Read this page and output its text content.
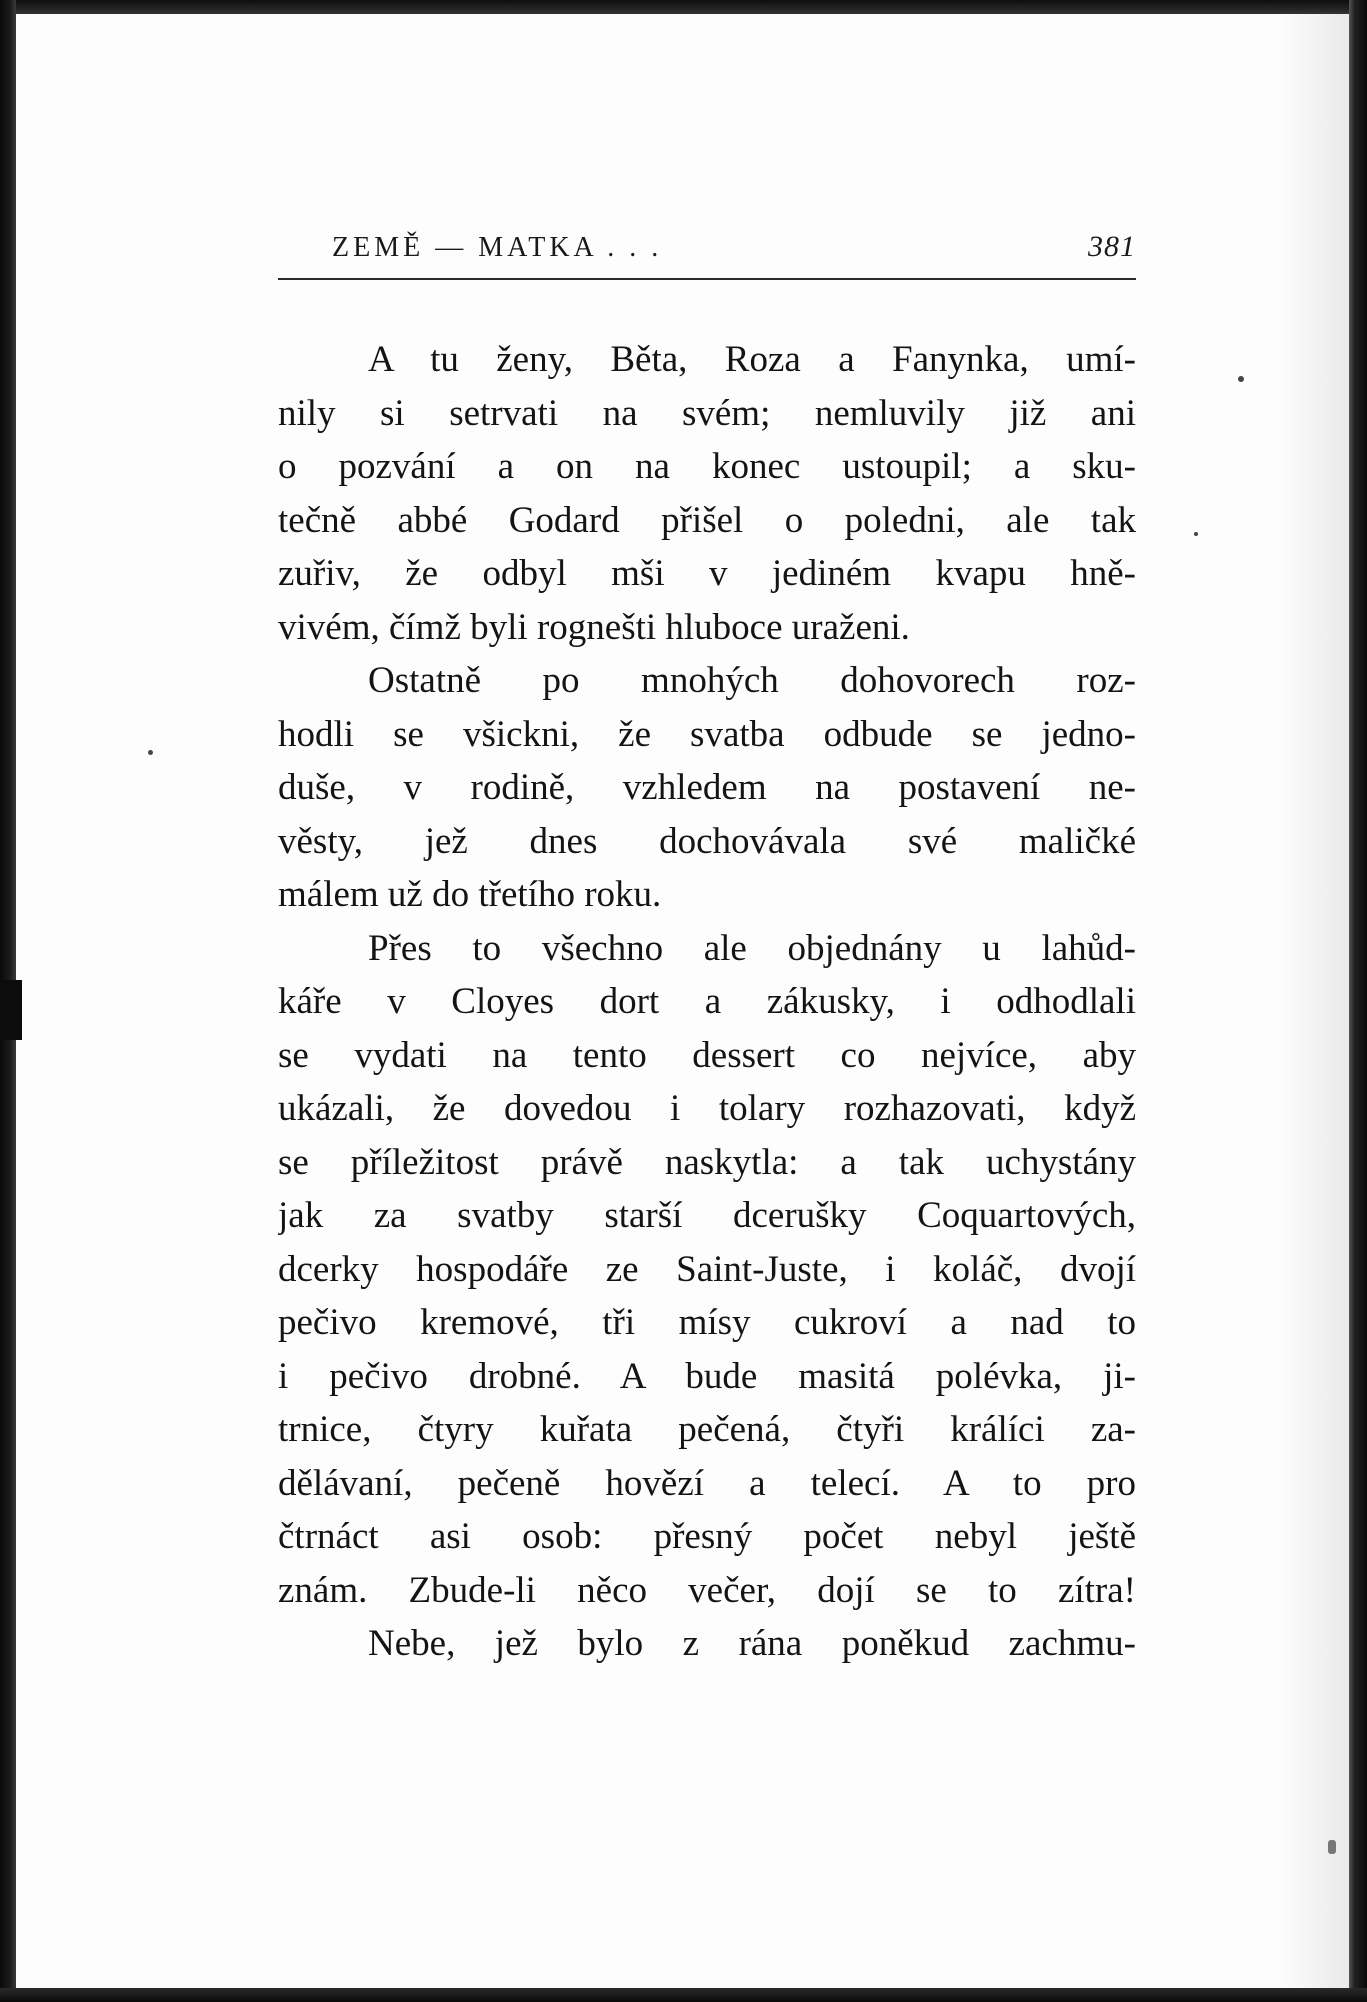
ZEMĚ — MATKA . . .	381
A tu ženy, Běta, Roza a Fanynka, umí-
nily si setrvati na svém; nemluvily již ani
o pozvání a on na konec ustoupil; a sku-
tečně abbé Godard přišel o poledni, ale tak
zuřiv, že odbyl mši v jediném kvapu hně-
vivém, čímž byli rognešti hluboce uraženi.
Ostatně po mnohých dohovorech roz-
hodli se všickni, že svatba odbude se jedno-
duše, v rodině, vzhledem na postavení ne-
věsty, jež dnes dochovávala své maličké
málem už do třetího roku.
Přes to všechno ale objednány u lahůd-
káře v Cloyes dort a zákusky, i odhodlali
se vydati na tento dessert co nejvíce, aby
ukázali, že dovedou i tolary rozhazovati, když
se příležitost právě naskytla: a tak uchystány
jak za svatby starší dcerušky Coquartových,
dcerky hospodáře ze Saint-Juste, i koláč, dvojí
pečivo kremové, tři mísy cukroví a nad to
i pečivo drobné. A bude masitá polévka, ji-
trnice, čtyry kuřata pečená, čtyři králíci za-
dělávaní, pečeně hovězí a telecí. A to pro
čtrnáct asi osob: přesný počet nebyl ještě
znám. Zbude-li něco večer, dojí se to zítra!
Nebe, jež bylo z rána poněkud zachmu-
